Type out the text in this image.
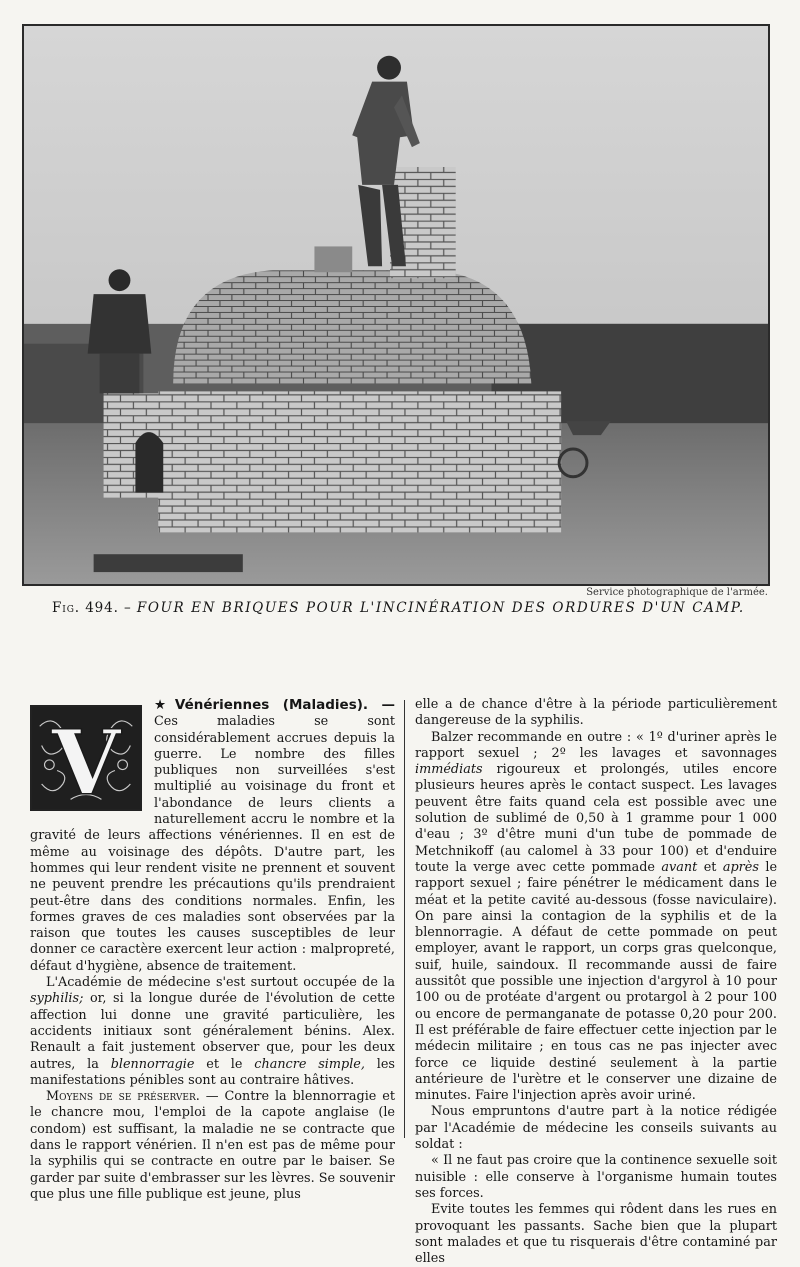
Service photographique de l'armée.
Fig. 494. – FOUR EN BRIQUES POUR L'INCINÉRATION DES ORDURES D'UN CAMP.
V

★Vénériennes (Maladies). — Ces maladies se sont considérablement accrues depuis la guerre. Le nombre des filles publiques non surveillées s'est multiplié au voisinage du front et l'abondance de leurs clients a naturellement accru le nombre et la gravité de leurs affections vénériennes. Il en est de même au voisinage des dépôts. D'autre part, les hommes qui leur rendent visite ne prennent et souvent ne peuvent prendre les précautions qu'ils prendraient peut-être dans des conditions normales. Enfin, les formes graves de ces maladies sont observées par la raison que toutes les causes susceptibles de leur donner ce caractère exercent leur action : malpropreté, défaut d'hygiène, absence de traitement.

L'Académie de médecine s'est surtout occupée de la syphilis; or, si la longue durée de l'évolution de cette affection lui donne une gravité particulière, les accidents initiaux sont généralement bénins. Alex. Renault a fait justement observer que, pour les deux autres, la blennorragie et le chancre simple, les manifestations pénibles sont au contraire hâtives.

Moyens de se préserver. — Contre la blennorragie et le chancre mou, l'emploi de la capote anglaise (le condom) est suffisant, la maladie ne se contracte que dans le rapport vénérien. Il n'en est pas de même pour la syphilis qui se contracte en outre par le baiser. Se garder par suite d'embrasser sur les lèvres. Se souvenir que plus une fille publique est jeune, plus

elle a de chance d'être à la période particulièrement dangereuse de la syphilis.

Balzer recommande en outre : « 1º d'uriner après le rapport sexuel ; 2º les lavages et savonnages immédiats rigoureux et prolongés, utiles encore plusieurs heures après le contact suspect. Les lavages peuvent être faits quand cela est possible avec une solution de sublimé de 0,50 à 1 gramme pour 1 000 d'eau ; 3º d'être muni d'un tube de pommade de Metchnikoff (au calomel à 33 pour 100) et d'enduire toute la verge avec cette pommade avant et après le rapport sexuel ; faire pénétrer le médicament dans le méat et la petite cavité au-dessous (fosse naviculaire). On pare ainsi la contagion de la syphilis et de la blennorragie. A défaut de cette pommade on peut employer, avant le rapport, un corps gras quelconque, suif, huile, saindoux. Il recommande aussi de faire aussitôt que possible une injection d'argyrol à 10 pour 100 ou de protéate d'argent ou protargol à 2 pour 100 ou encore de permanganate de potasse 0,20 pour 200. Il est préférable de faire effectuer cette injection par le médecin militaire ; en tous cas ne pas injecter avec force ce liquide destiné seulement à la partie antérieure de l'urètre et le conserver une dizaine de minutes. Faire l'injection après avoir uriné.

Nous empruntons d'autre part à la notice rédigée par l'Académie de médecine les conseils suivants au soldat :

« Il ne faut pas croire que la continence sexuelle soit nuisible : elle conserve à l'organisme humain toutes ses forces.

Evite toutes les femmes qui rôdent dans les rues en provoquant les passants. Sache bien que la plupart sont malades et que tu risquerais d'être contaminé par elles
